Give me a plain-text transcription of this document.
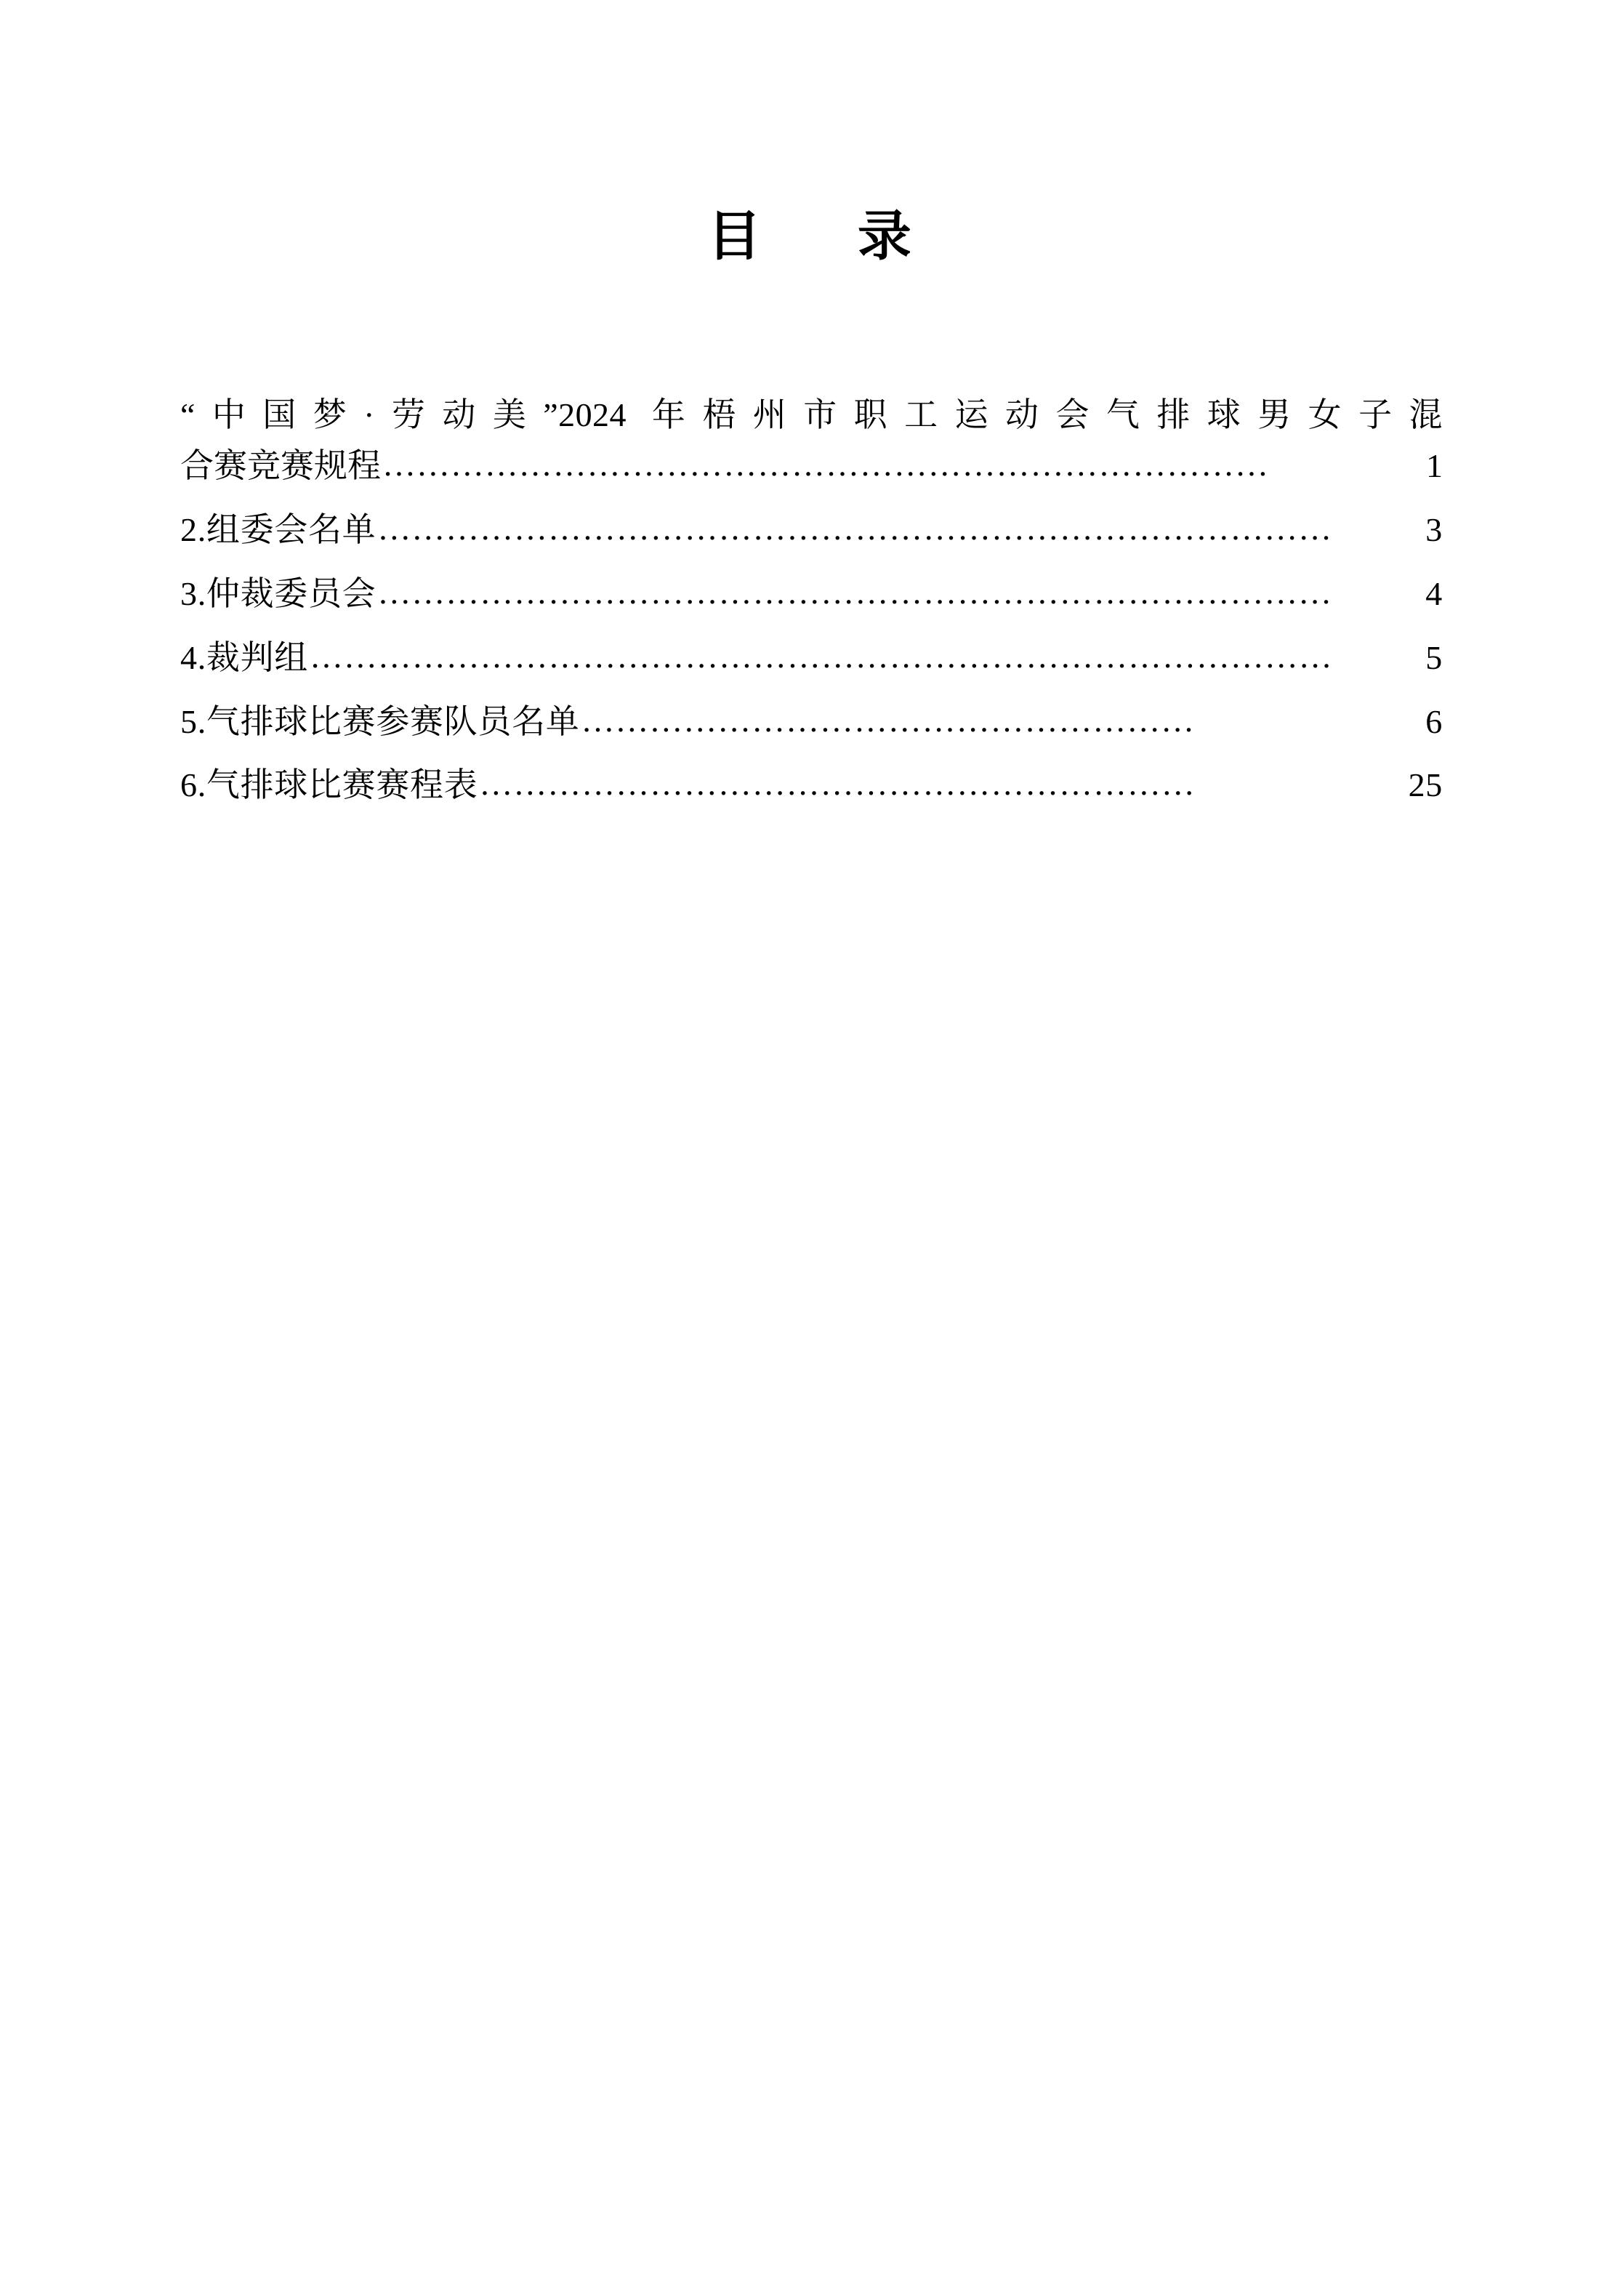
目    录
“中国梦·劳动美”2024 年梧州市职工运动会气排球男女子混
合赛竞赛规程 ……………………………………………………………………	1
2.组委会名单 …………………………………………………………………………	3
3.仲裁委员会 …………………………………………………………………………	4
4.裁判组 ………………………………………………………………………………	5
5.气排球比赛参赛队员名单 ………………………………………………	6
6.气排球比赛赛程表 ………………………………………………………	25
